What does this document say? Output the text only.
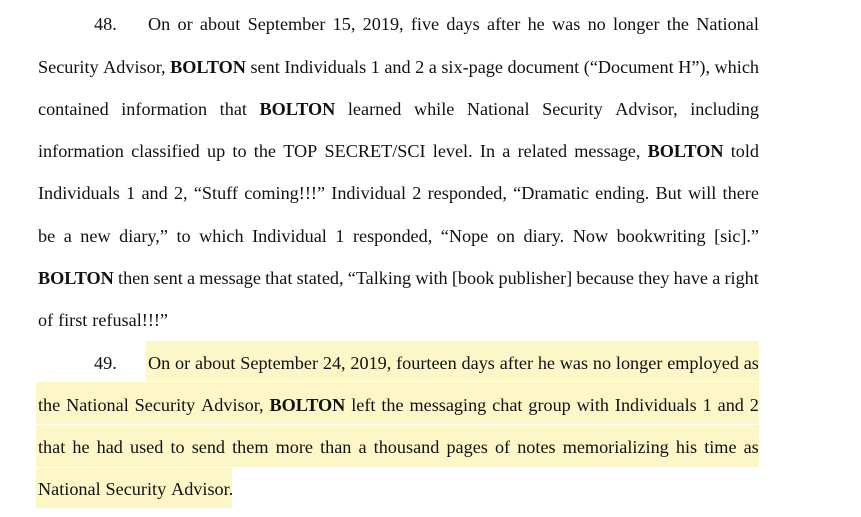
48. On or about September 15, 2019, five days after he was no longer the National
Security Advisor, BOLTON sent Individuals 1 and 2 a six-page document (“Document H”), which
contained information that BOLTON learned while National Security Advisor, including
information classified up to the TOP SECRET/SCI level. In a related message, BOLTON told
Individuals 1 and 2, “Stuff coming!!!” Individual 2 responded, “Dramatic ending. But will there
be a new diary,” to which Individual 1 responded, “Nope on diary. Now bookwriting [sic].”
BOLTON then sent a message that stated, “Talking with [book publisher] because they have a right
of first refusal!!!”
49. On or about September 24, 2019, fourteen days after he was no longer employed as
the National Security Advisor, BOLTON left the messaging chat group with Individuals 1 and 2
that he had used to send them more than a thousand pages of notes memorializing his time as
National Security Advisor.
